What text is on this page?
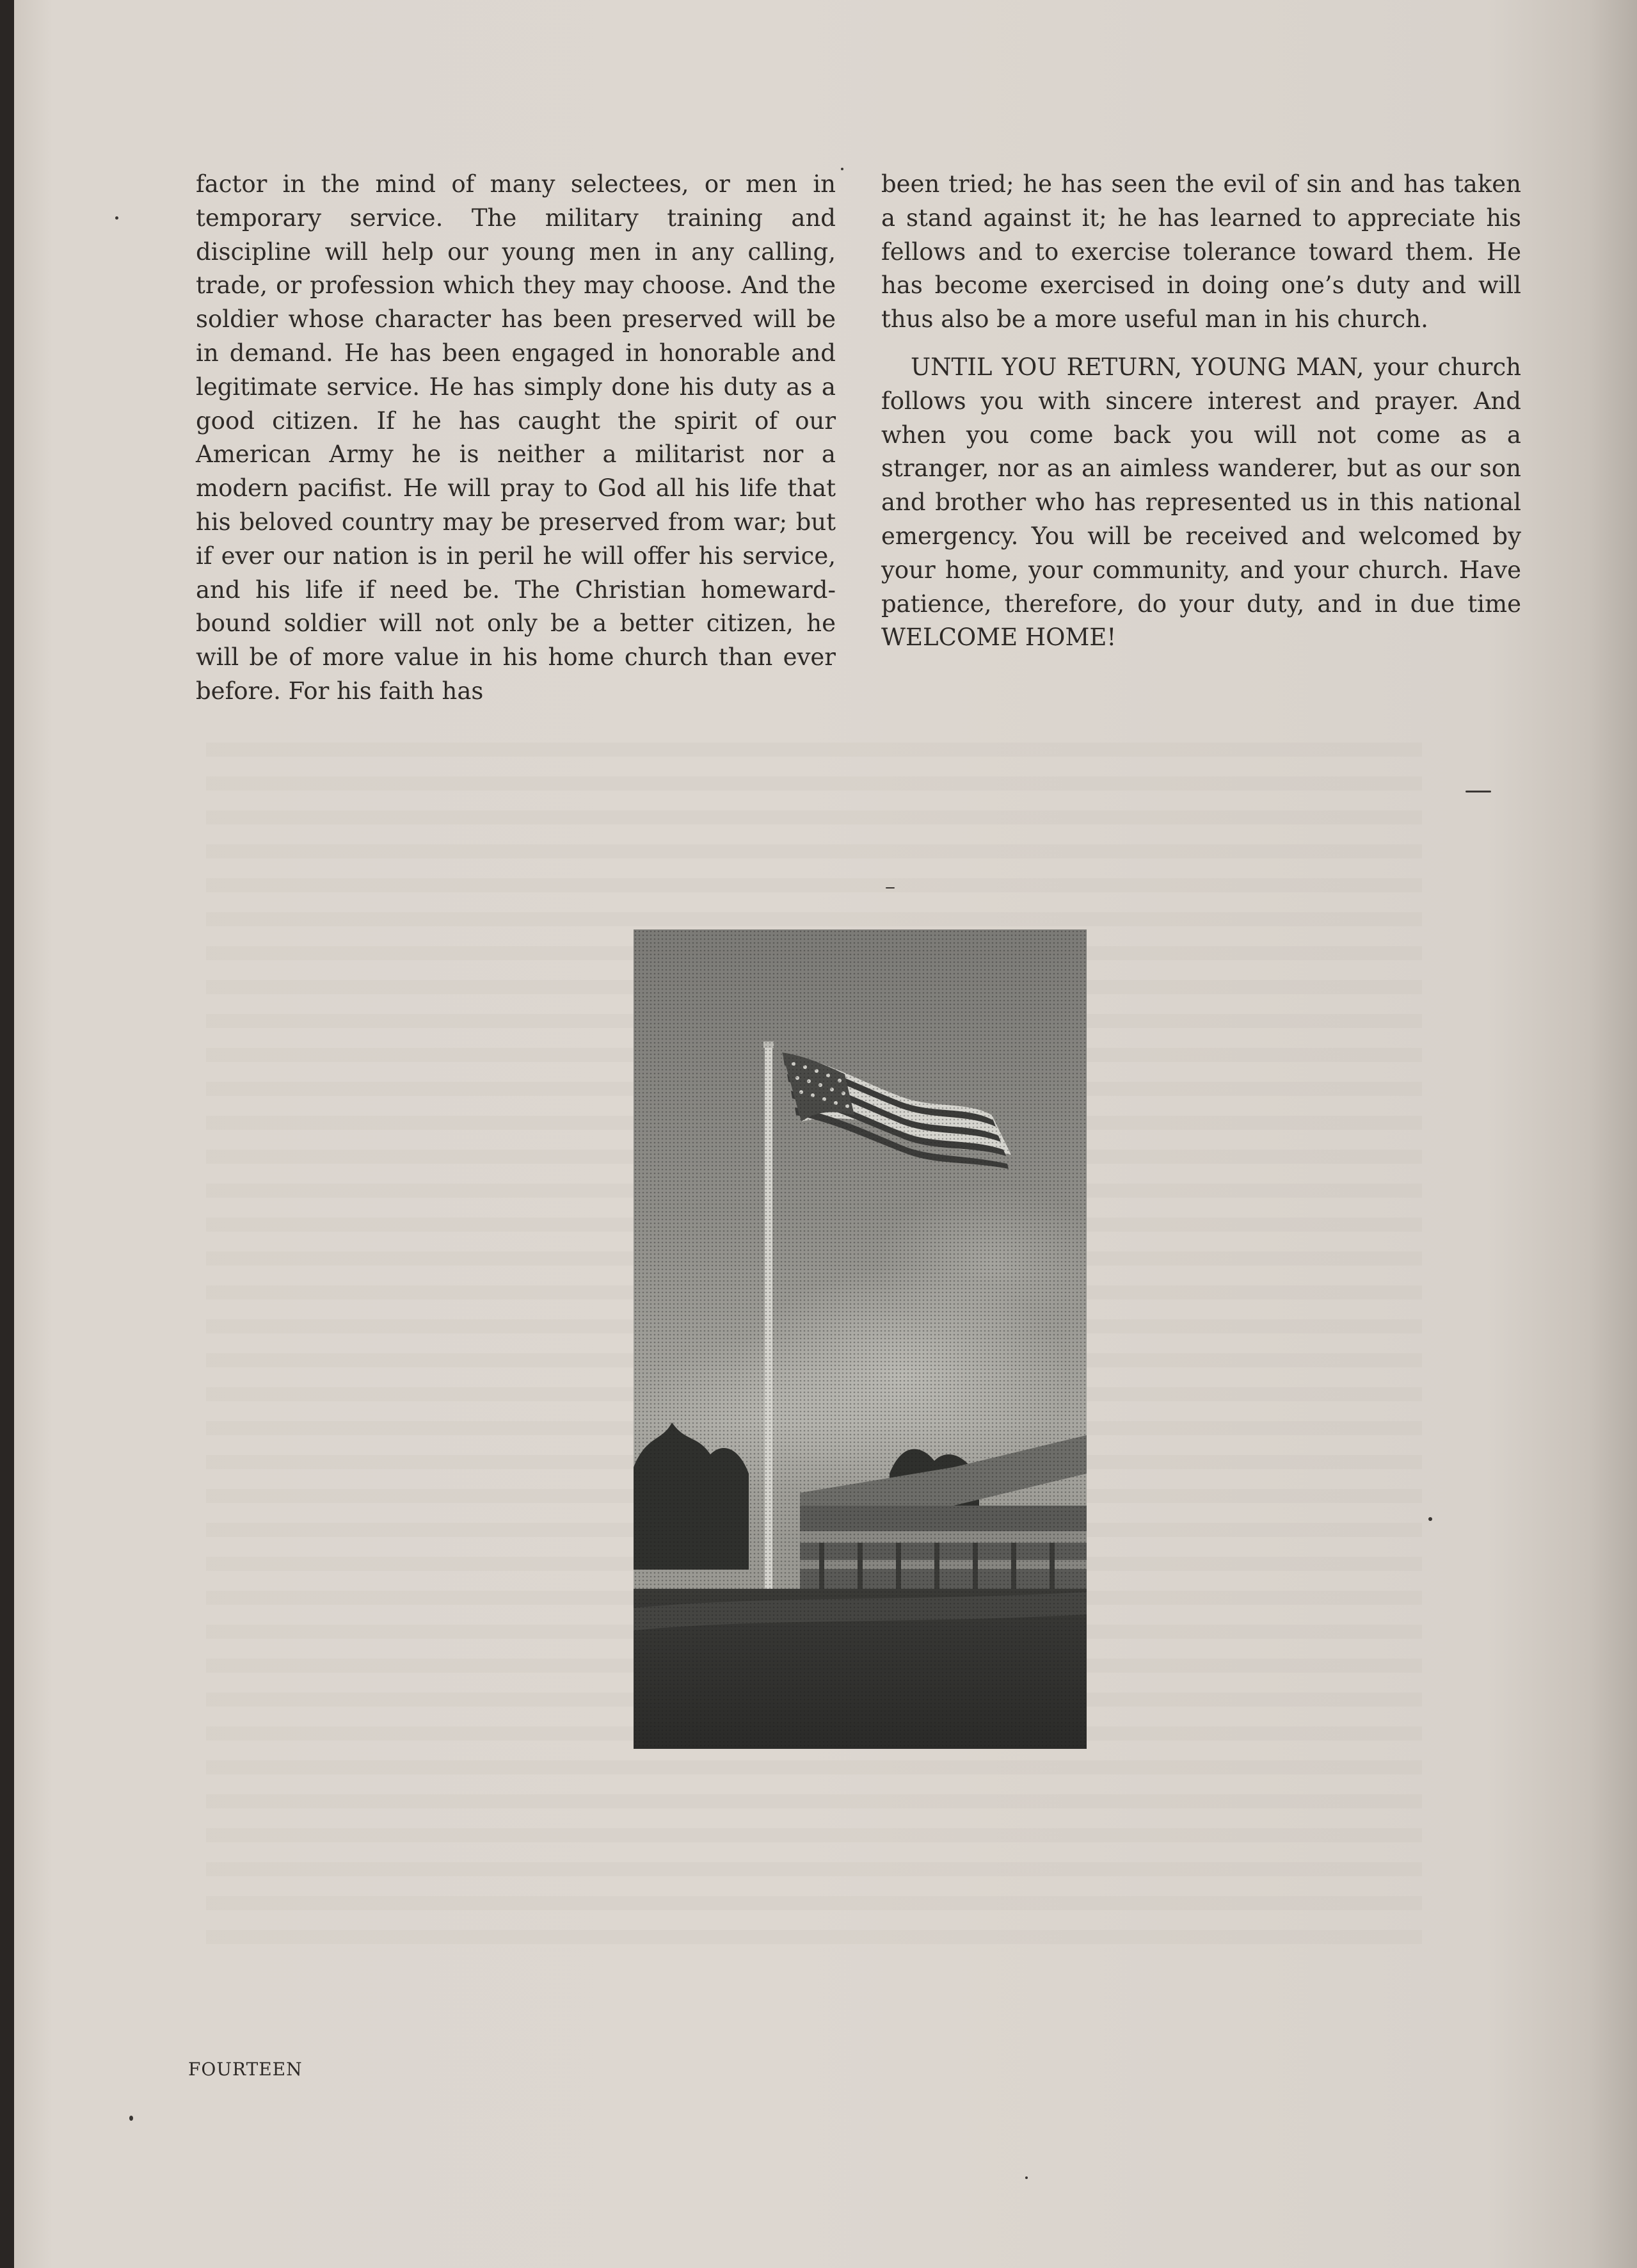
factor in the mind of many selectees, or men in temporary service. The military training and discipline will help our young men in any calling, trade, or profession which they may choose. And the soldier whose character has been preserved will be in demand. He has been engaged in honorable and legitimate service. He has simply done his duty as a good citizen. If he has caught the spirit of our American Army he is neither a militarist nor a modern pacifist. He will pray to God all his life that his beloved country may be preserved from war; but if ever our nation is in peril he will offer his service, and his life if need be. The Christian homeward-bound soldier will not only be a better citizen, he will be of more value in his home church than ever before. For his faith has

been tried; he has seen the evil of sin and has taken a stand against it; he has learned to appreciate his fellows and to exercise tolerance toward them. He has become exercised in doing one’s duty and will thus also be a more useful man in his church.

UNTIL YOU RETURN, YOUNG MAN, your church follows you with sincere interest and prayer. And when you come back you will not come as a stranger, nor as an aimless wanderer, but as our son and brother who has represented us in this national emergency. You will be received and welcomed by your home, your community, and your church. Have patience, therefore, do your duty, and in due time WELCOME HOME!

FOURTEEN
